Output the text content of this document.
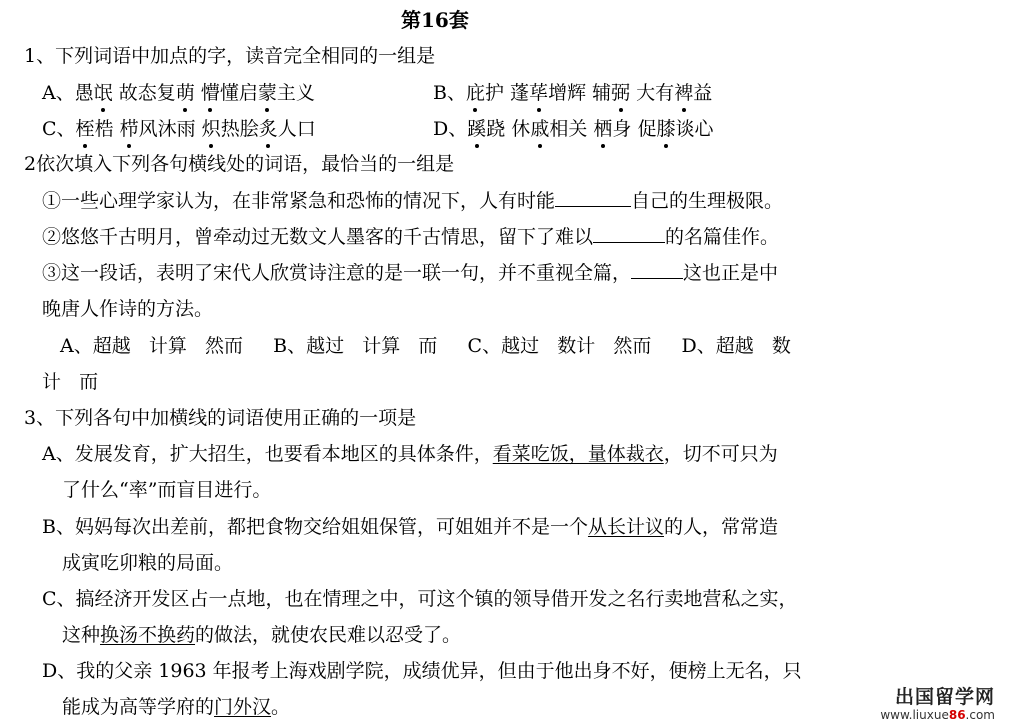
第16套
1、下列词语中加点的字，读音完全相同的一组是
A、愚氓 故态复萌 懵懂启蒙主义	B、庇护 蓬荜增辉 辅弼 大有裨益
C、桎梏 栉风沐雨 炽热脍炙人口	D、蹊跷 休戚相关 栖身 促膝谈心
2依次填入下列各句横线处的词语，最恰当的一组是
①一些心理学家认为，在非常紧急和恐怖的情况下，人有时能	自己的生理极限。
②悠悠千古明月，曾牵动过无数文人墨客的千古情思，留下了难以	的名篇佳作。
③这一段话，表明了宋代人欣赏诗注意的是一联一句，并不重视全篇，	这也正是中
晚唐人作诗的方法。
A、超越   计算   然而     B、越过   计算   而     C、越过   数计   然而     D、超越   数
计   而
3、下列各句中加横线的词语使用正确的一项是
A、发展发育，扩大招生，也要看本地区的具体条件，看菜吃饭，量体裁衣，切不可只为
了什么“率”而盲目进行。
B、妈妈每次出差前，都把食物交给姐姐保管，可姐姐并不是一个从长计议的人，常常造
成寅吃卯粮的局面。
C、搞经济开发区占一点地，也在情理之中，可这个镇的领导借开发之名行卖地营私之实，
这种换汤不换药的做法，就使农民难以忍受了。
D、我的父亲 1963 年报考上海戏剧学院，成绩优异，但由于他出身不好，便榜上无名，只
能成为高等学府的门外汉。	出国留学网
www.liuxue86.com
